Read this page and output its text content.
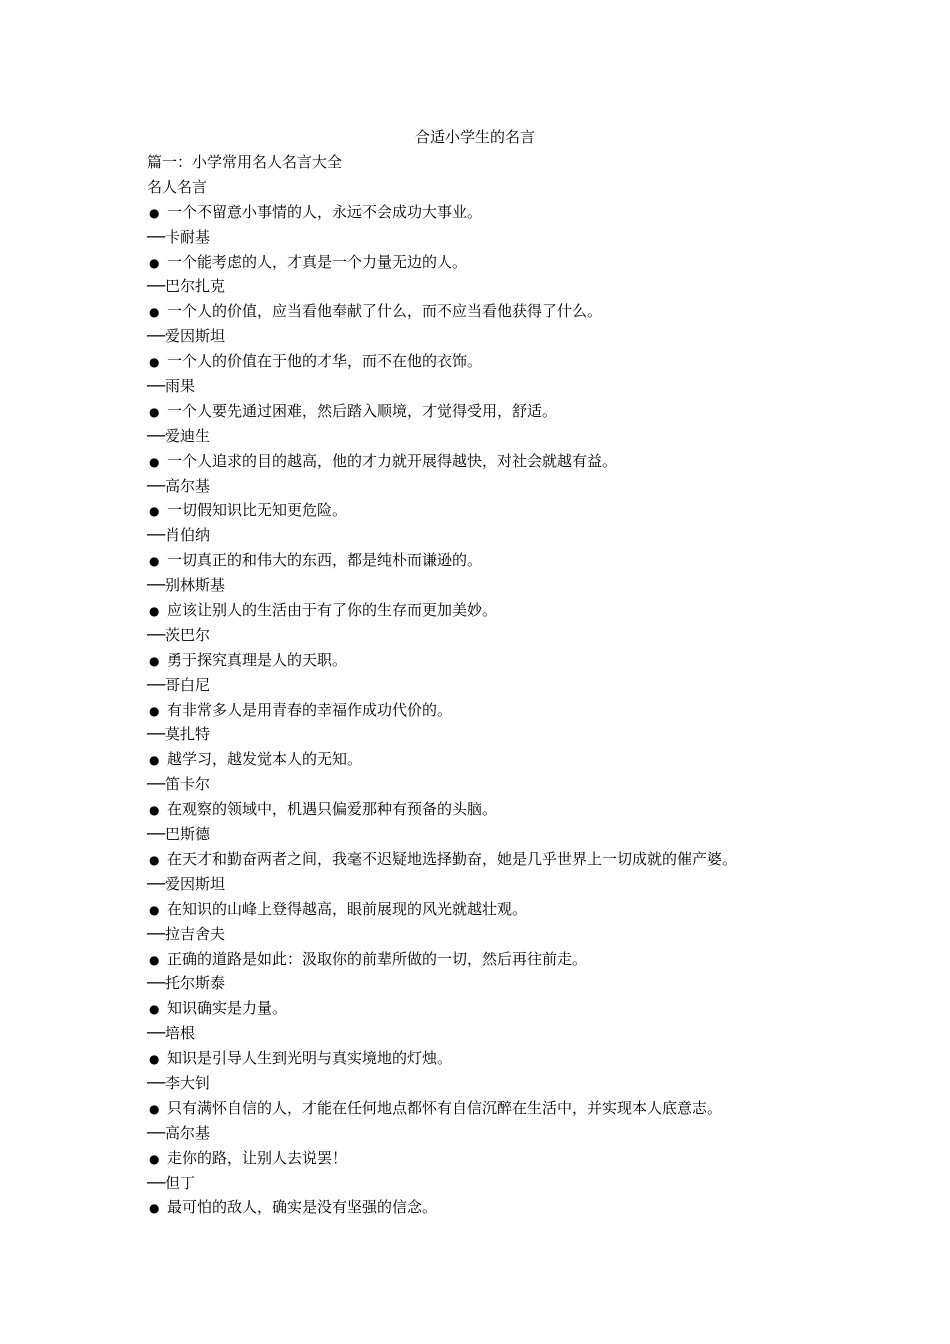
合适小学生的名言
篇一：小学常用名人名言大全
名人名言
● 一个不留意小事情的人，永远不会成功大事业。
──卡耐基
● 一个能考虑的人，才真是一个力量无边的人。
──巴尔扎克
● 一个人的价值，应当看他奉献了什么，而不应当看他获得了什么。
──爱因斯坦
● 一个人的价值在于他的才华，而不在他的衣饰。
──雨果
● 一个人要先通过困难，然后踏入顺境，才觉得受用，舒适。
──爱迪生
● 一个人追求的目的越高，他的才力就开展得越快，对社会就越有益。
──高尔基
● 一切假知识比无知更危险。
──肖伯纳
● 一切真正的和伟大的东西，都是纯朴而谦逊的。
──别林斯基
● 应该让别人的生活由于有了你的生存而更加美妙。
──茨巴尔
● 勇于探究真理是人的天职。
──哥白尼
● 有非常多人是用青春的幸福作成功代价的。
──莫扎特
● 越学习，越发觉本人的无知。
──笛卡尔
● 在观察的领域中，机遇只偏爱那种有预备的头脑。
──巴斯德
● 在天才和勤奋两者之间，我毫不迟疑地选择勤奋，她是几乎世界上一切成就的催产婆。
──爱因斯坦
● 在知识的山峰上登得越高，眼前展现的风光就越壮观。
──拉吉舍夫
● 正确的道路是如此：汲取你的前辈所做的一切，然后再往前走。
──托尔斯泰
● 知识确实是力量。
──培根
● 知识是引导人生到光明与真实境地的灯烛。
──李大钊
● 只有满怀自信的人，才能在任何地点都怀有自信沉醉在生活中，并实现本人底意志。
──高尔基
● 走你的路，让别人去说罢！
──但丁
● 最可怕的敌人，确实是没有坚强的信念。
